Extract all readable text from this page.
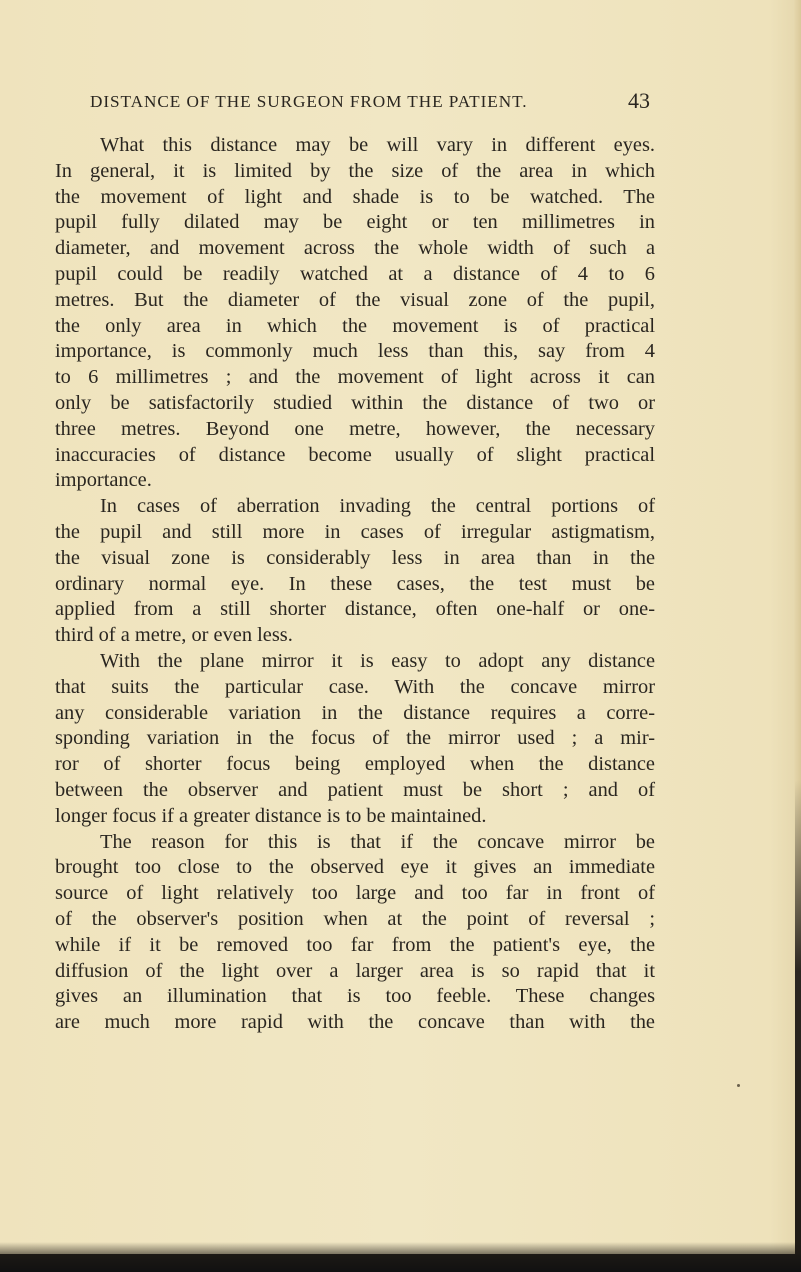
DISTANCE OF THE SURGEON FROM THE PATIENT.	43
What this distance may be will vary in different eyes.
In general, it is limited by the size of the area in which
the movement of light and shade is to be watched. The
pupil fully dilated may be eight or ten millimetres in
diameter, and movement across the whole width of such a
pupil could be readily watched at a distance of 4 to 6
metres. But the diameter of the visual zone of the pupil,
the only area in which the movement is of practical
importance, is commonly much less than this, say from 4
to 6 millimetres ; and the movement of light across it can
only be satisfactorily studied within the distance of two or
three metres. Beyond one metre, however, the necessary
inaccuracies of distance become usually of slight practical
importance.
In cases of aberration invading the central portions of
the pupil and still more in cases of irregular astigmatism,
the visual zone is considerably less in area than in the
ordinary normal eye. In these cases, the test must be
applied from a still shorter distance, often one-half or one-
third of a metre, or even less.
With the plane mirror it is easy to adopt any distance
that suits the particular case. With the concave mirror
any considerable variation in the distance requires a corre-
sponding variation in the focus of the mirror used ; a mir-
ror of shorter focus being employed when the distance
between the observer and patient must be short ; and of
longer focus if a greater distance is to be maintained.
The reason for this is that if the concave mirror be
brought too close to the observed eye it gives an immediate
source of light relatively too large and too far in front of
of the observer's position when at the point of reversal ;
while if it be removed too far from the patient's eye, the
diffusion of the light over a larger area is so rapid that it
gives an illumination that is too feeble. These changes
are much more rapid with the concave than with the
